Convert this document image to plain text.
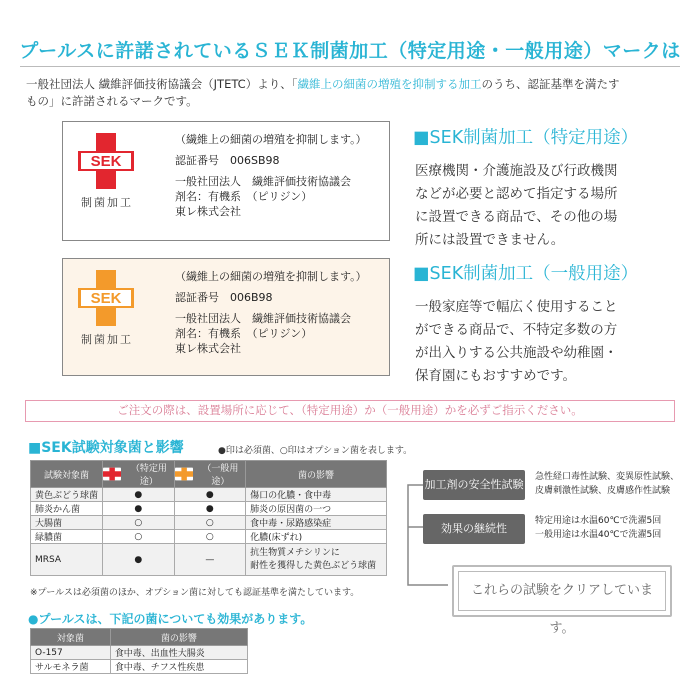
プールスに許諾されているＳＥＫ制菌加工（特定用途・一般用途）マークは
一般社団法人 繊維評価技術協議会（JTETC）より、「繊維上の細菌の増殖を抑制する加工のうち、認証基準を満たす
もの」に許諾されるマークです。
SEK
制菌加工
（繊維上の細菌の増殖を抑制します。）
認証番号　006SB98
一般社団法人　繊維評価技術協議会
剤名：有機系　（ピリジン）
東レ株式会社
■SEK制菌加工（特定用途）
医療機関・介護施設及び行政機関
などが必要と認めて指定する場所
に設置できる商品で、その他の場
所には設置できません。
SEK
制菌加工
（繊維上の細菌の増殖を抑制します。）
認証番号　006B98
一般社団法人　繊維評価技術協議会
剤名：有機系　（ピリジン）
東レ株式会社
■SEK制菌加工（一般用途）
一般家庭等で幅広く使用すること
ができる商品で、不特定多数の方
が出入りする公共施設や幼稚園・
保育園にもおすすめです。
ご注文の際は、設置場所に応じて、（特定用途）か（一般用途）かを必ずご指示ください。
■SEK試験対象菌と影響	●印は必須菌、○印はオプション菌を表します。
試験対象菌	（特定用途）	（一般用途）	菌の影響
黄色ぶどう球菌	●	●	傷口の化膿・食中毒
肺炎かん菌	●	●	肺炎の原因菌の一つ
大腸菌	○	○	食中毒・尿路感染症
緑膿菌	○	○	化膿(床ずれ)
MRSA	●	—	抗生物質メチシリンに
耐性を獲得した黄色ぶどう球菌
※プールスは必須菌のほか、オプション菌に対しても認証基準を満たしています。
●プールスは、下記の菌についても効果があります。
対象菌	菌の影響
O-157	食中毒、出血性大腸炎
サルモネラ菌	食中毒、チフス性疾患
加工剤の安全性試験
急性経口毒性試験、変異原性試験、
皮膚刺激性試験、皮膚感作性試験
効果の継続性
特定用途は水温60℃で洗濯5回
一般用途は水温40℃で洗濯5回
これらの試験をクリアしています。
